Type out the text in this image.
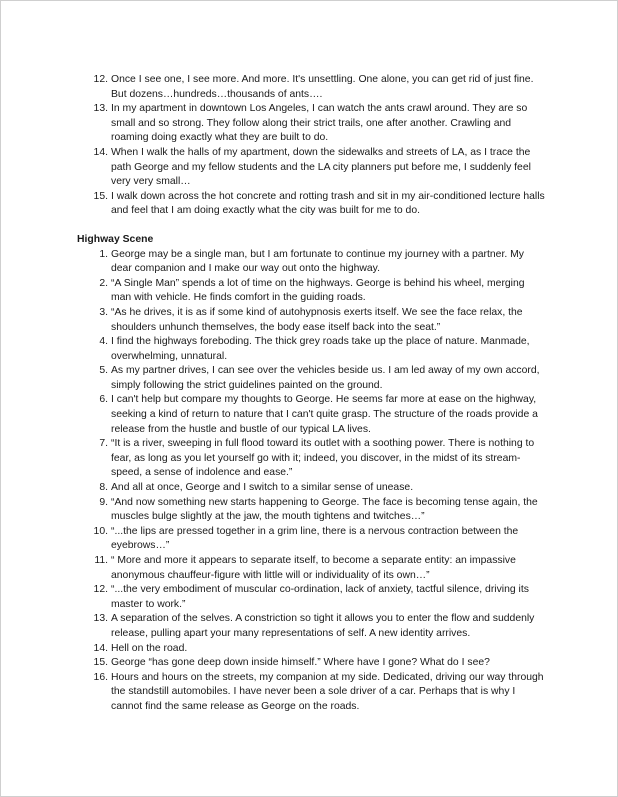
12. Once I see one, I see more. And more. It's unsettling. One alone, you can get rid of just fine. But dozens…hundreds…thousands of ants….
13. In my apartment in downtown Los Angeles, I can watch the ants crawl around. They are so small and so strong. They follow along their strict trails, one after another. Crawling and roaming doing exactly what they are built to do.
14. When I walk the halls of my apartment, down the sidewalks and streets of LA, as I trace the path George and my fellow students and the LA city planners put before me, I suddenly feel very very small…
15. I walk down across the hot concrete and rotting trash and sit in my air-conditioned lecture halls and feel that I am doing exactly what the city was built for me to do.
Highway Scene
1. George may be a single man, but I am fortunate to continue my journey with a partner. My dear companion and I make our way out onto the highway.
2. “A Single Man” spends a lot of time on the highways. George is behind his wheel, merging man with vehicle. He finds comfort in the guiding roads.
3. “As he drives, it is as if some kind of autohypnosis exerts itself. We see the face relax, the shoulders unhunch themselves, the body ease itself back into the seat.”
4. I find the highways foreboding. The thick grey roads take up the place of nature. Manmade, overwhelming, unnatural.
5. As my partner drives, I can see over the vehicles beside us. I am led away of my own accord, simply following the strict guidelines painted on the ground.
6. I can't help but compare my thoughts to George. He seems far more at ease on the highway, seeking a kind of return to nature that I can't quite grasp. The structure of the roads provide a release from the hustle and bustle of our typical LA lives.
7. “It is a river, sweeping in full flood toward its outlet with a soothing power. There is nothing to fear, as long as you let yourself go with it; indeed, you discover, in the midst of its stream-speed, a sense of indolence and ease.”
8. And all at once, George and I switch to a similar sense of unease.
9. “And now something new starts happening to George. The face is becoming tense again, the muscles bulge slightly at the jaw, the mouth tightens and twitches…”
10. “...the lips are pressed together in a grim line, there is a nervous contraction between the eyebrows…”
11. “ More and more it appears to separate itself, to become a separate entity: an impassive anonymous chauffeur-figure with little will or individuality of its own…”
12. “...the very embodiment of muscular co-ordination, lack of anxiety, tactful silence, driving its master to work.”
13. A separation of the selves. A constriction so tight it allows you to enter the flow and suddenly release, pulling apart your many representations of self. A new identity arrives.
14. Hell on the road.
15. George “has gone deep down inside himself.” Where have I gone? What do I see?
16. Hours and hours on the streets, my companion at my side. Dedicated, driving our way through the standstill automobiles. I have never been a sole driver of a car. Perhaps that is why I cannot find the same release as George on the roads.
